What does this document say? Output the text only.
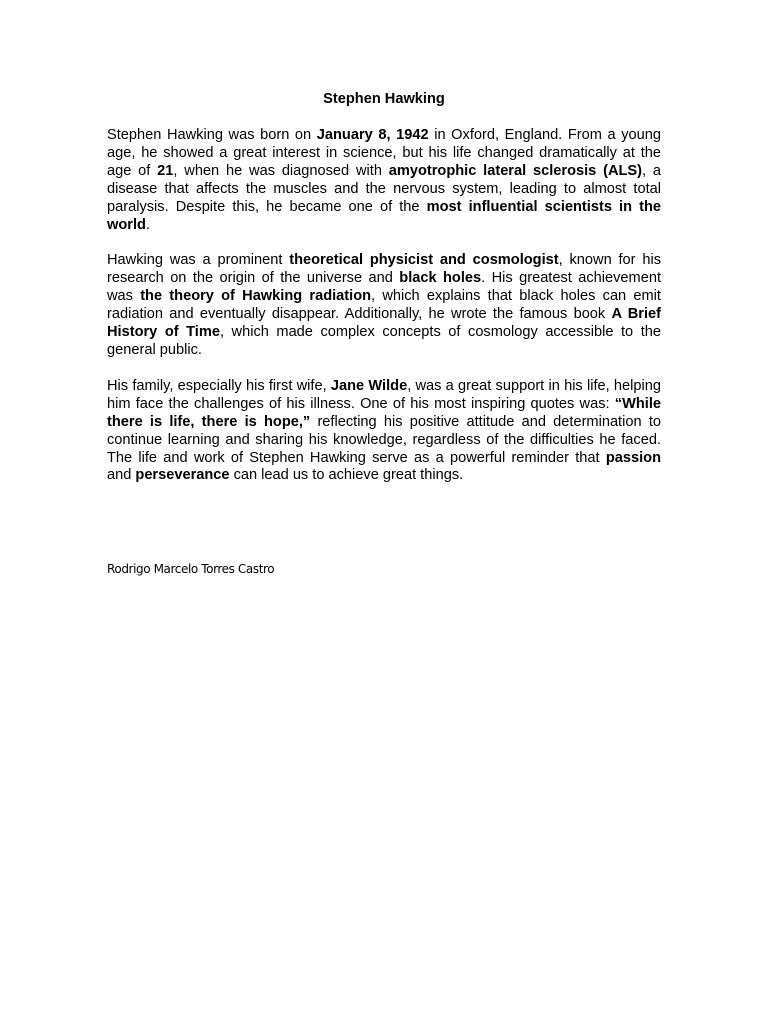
Stephen Hawking

Stephen Hawking was born on January 8, 1942 in Oxford, England. From a young age, he showed a great interest in science, but his life changed dramatically at the age of 21, when he was diagnosed with amyotrophic lateral sclerosis (ALS), a disease that affects the muscles and the nervous system, leading to almost total paralysis. Despite this, he became one of the most influential scientists in the world.

Hawking was a prominent theoretical physicist and cosmologist, known for his research on the origin of the universe and black holes. His greatest achievement was the theory of Hawking radiation, which explains that black holes can emit radiation and eventually disappear. Additionally, he wrote the famous book A Brief History of Time, which made complex concepts of cosmology accessible to the general public.

His family, especially his first wife, Jane Wilde, was a great support in his life, helping him face the challenges of his illness. One of his most inspiring quotes was: “While there is life, there is hope,” reflecting his positive attitude and determination to continue learning and sharing his knowledge, regardless of the difficulties he faced. The life and work of Stephen Hawking serve as a powerful reminder that passion and perseverance can lead us to achieve great things.

Rodrigo Marcelo Torres Castro
